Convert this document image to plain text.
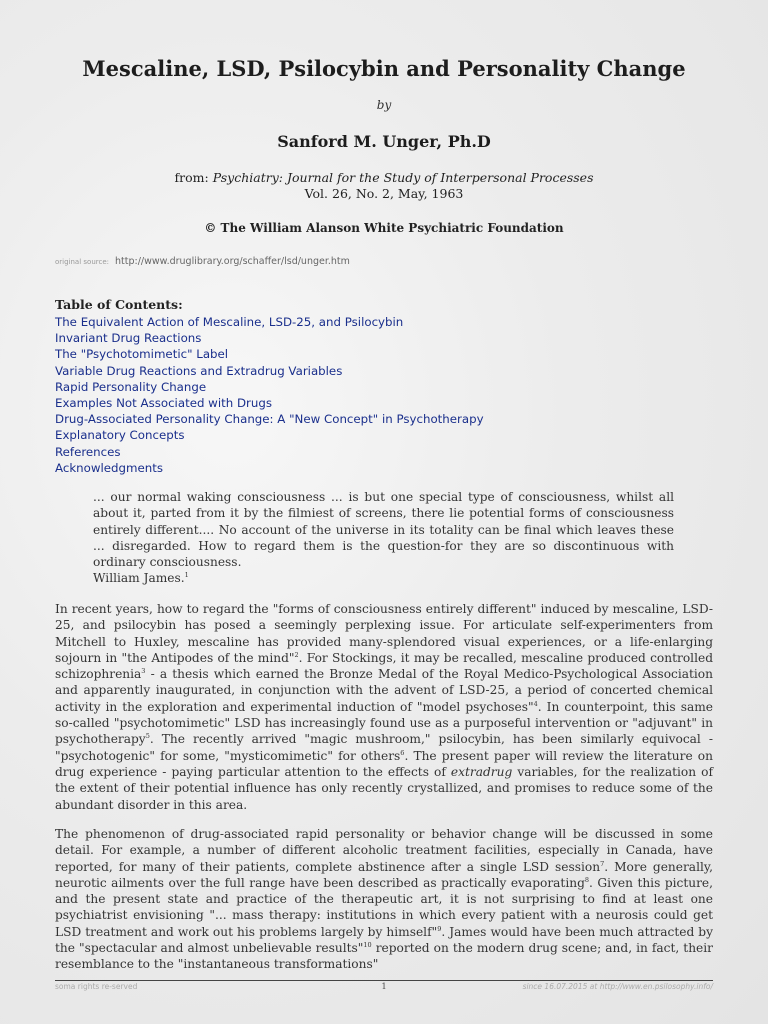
Mescaline, LSD, Psilocybin and Personality Change
by
Sanford M. Unger, Ph.D
from: Psychiatry: Journal for the Study of Interpersonal Processes
Vol. 26, No. 2, May, 1963
© The William Alanson White Psychiatric Foundation
original source: http://www.druglibrary.org/schaffer/lsd/unger.htm
Table of Contents:
The Equivalent Action of Mescaline, LSD-25, and Psilocybin
Invariant Drug Reactions
The "Psychotomimetic" Label
Variable Drug Reactions and Extradrug Variables
Rapid Personality Change
Examples Not Associated with Drugs
Drug-Associated Personality Change: A "New Concept" in Psychotherapy
Explanatory Concepts
References
Acknowledgments
... our normal waking consciousness ... is but one special type of consciousness, whilst all about it, parted from it by the filmiest of screens, there lie potential forms of consciousness entirely different.... No account of the universe in its totality can be final which leaves these ... disregarded. How to regard them is the question-for they are so discontinuous with ordinary consciousness.
William James.$^1$
In recent years, how to regard the "forms of consciousness entirely different" induced by mescaline, LSD-25, and psilocybin has posed a seemingly perplexing issue. For articulate self-experimenters from Mitchell to Huxley, mescaline has provided many-splendored visual experiences, or a life-enlarging sojourn in "the Antipodes of the mind"$^2$. For Stockings, it may be recalled, mescaline produced controlled schizophrenia$^3$ - a thesis which earned the Bronze Medal of the Royal Medico-Psychological Association and apparently inaugurated, in conjunction with the advent of LSD-25, a period of concerted chemical activity in the exploration and experimental induction of "model psychoses"$^4$. In counterpoint, this same so-called "psychotomimetic" LSD has increasingly found use as a purposeful intervention or "adjuvant" in psychotherapy$^5$. The recently arrived "magic mushroom," psilocybin, has been similarly equivocal - "psychotogenic" for some, "mysticomimetic" for others$^6$. The present paper will review the literature on drug experience - paying particular attention to the effects of extradrug variables, for the realization of the extent of their potential influence has only recently crystallized, and promises to reduce some of the abundant disorder in this area.
The phenomenon of drug-associated rapid personality or behavior change will be discussed in some detail. For example, a number of different alcoholic treatment facilities, especially in Canada, have reported, for many of their patients, complete abstinence after a single LSD session$^7$. More generally, neurotic ailments over the full range have been described as practically evaporating$^8$. Given this picture, and the present state and practice of the therapeutic art, it is not surprising to find at least one psychiatrist envisioning "... mass therapy: institutions in which every patient with a neurosis could get LSD treatment and work out his problems largely by himself"$^9$. James would have been much attracted by the "spectacular and almost unbelievable results"$^{10}$ reported on the modern drug scene; and, in fact, their resemblance to the "instantaneous transformations"
soma rights re-served	1	since 16.07.2015 at http://www.en.psilosophy.info/
